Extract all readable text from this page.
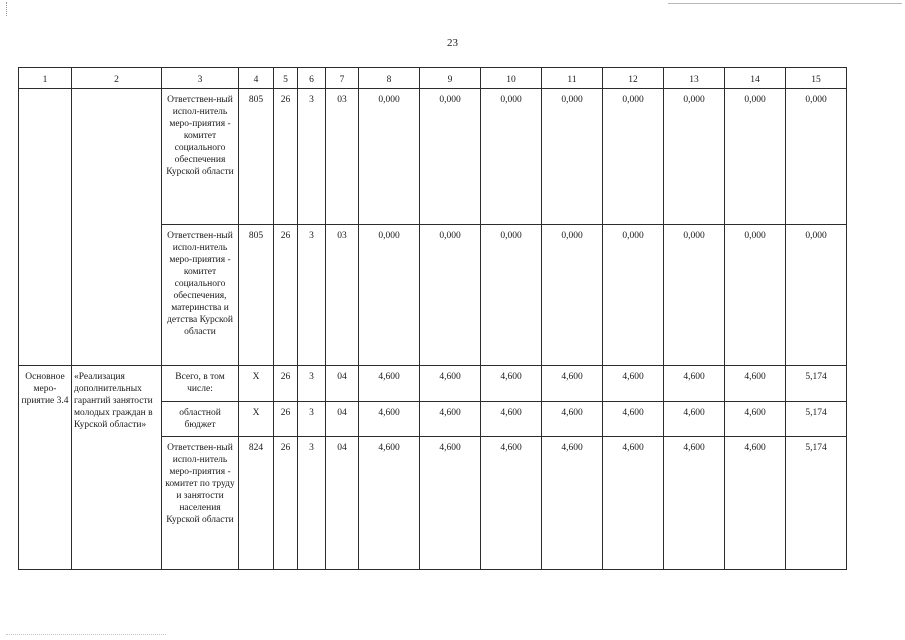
23
1	2	3	4	5	6	7	8	9	10	11	12	13	14	15
		Ответствен-ный испол-нитель меро-приятия - комитет социального обеспечения Курской области	805	26	3	03	0,000	0,000	0,000	0,000	0,000	0,000	0,000	0,000
		Ответствен-ный испол-нитель меро-приятия - комитет социального обеспечения, материнства и детства Курской области	805	26	3	03	0,000	0,000	0,000	0,000	0,000	0,000	0,000	0,000
Основное меро-приятие 3.4	«Реализация дополнительных гарантий занятости молодых граждан в Курской области»	Всего, в том числе:	X	26	3	04	4,600	4,600	4,600	4,600	4,600	4,600	4,600	5,174
		областной бюджет	X	26	3	04	4,600	4,600	4,600	4,600	4,600	4,600	4,600	5,174
		Ответствен-ный испол-нитель меро-приятия - комитет по труду и занятости населения Курской области	824	26	3	04	4,600	4,600	4,600	4,600	4,600	4,600	4,600	5,174
